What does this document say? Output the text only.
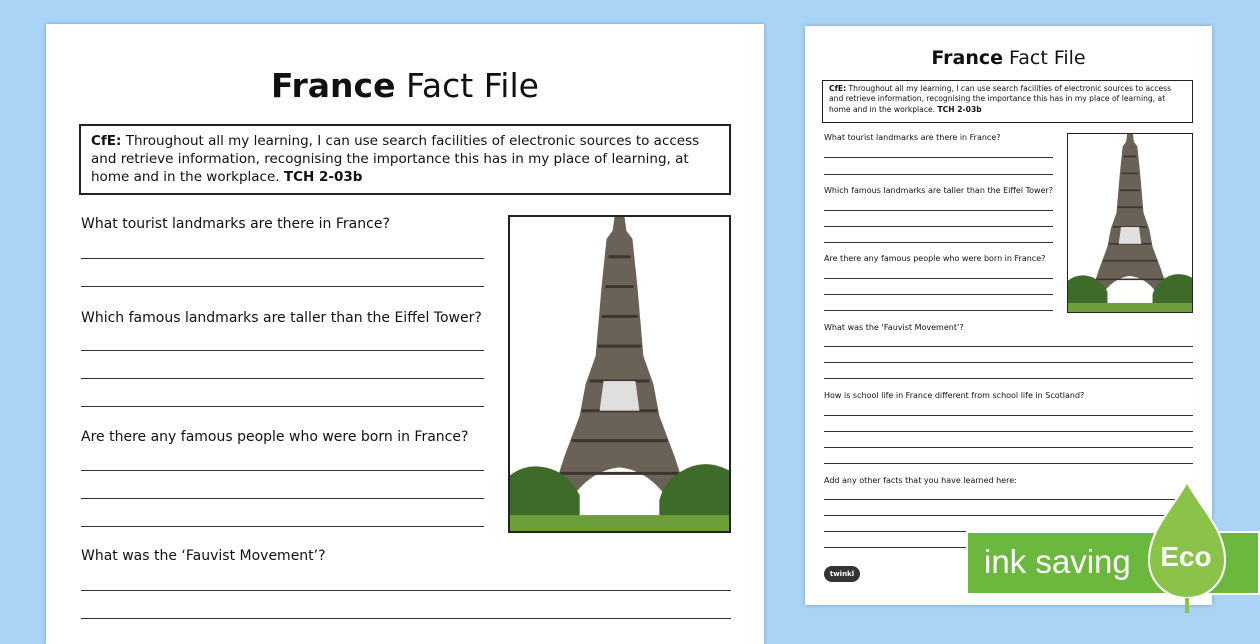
France Fact File
CfE: Throughout all my learning, I can use search facilities of electronic sources to access and retrieve information, recognising the importance this has in my place of learning, at home and in the workplace. TCH 2-03b
What tourist landmarks are there in France?
Which famous landmarks are taller than the Eiffel Tower?
Are there any famous people who were born in France?
What was the ‘Fauvist Movement’?
France Fact File
CfE: Throughout all my learning, I can use search facilities of electronic sources to access and retrieve information, recognising the importance this has in my place of learning, at home and in the workplace. TCH 2-03b
What tourist landmarks are there in France?
Which famous landmarks are taller than the Eiffel Tower?
Are there any famous people who were born in France?
What was the ‘Fauvist Movement’?
How is school life in France different from school life in Scotland?
Add any other facts that you have learned here:
twinkl	ink saving Eco
